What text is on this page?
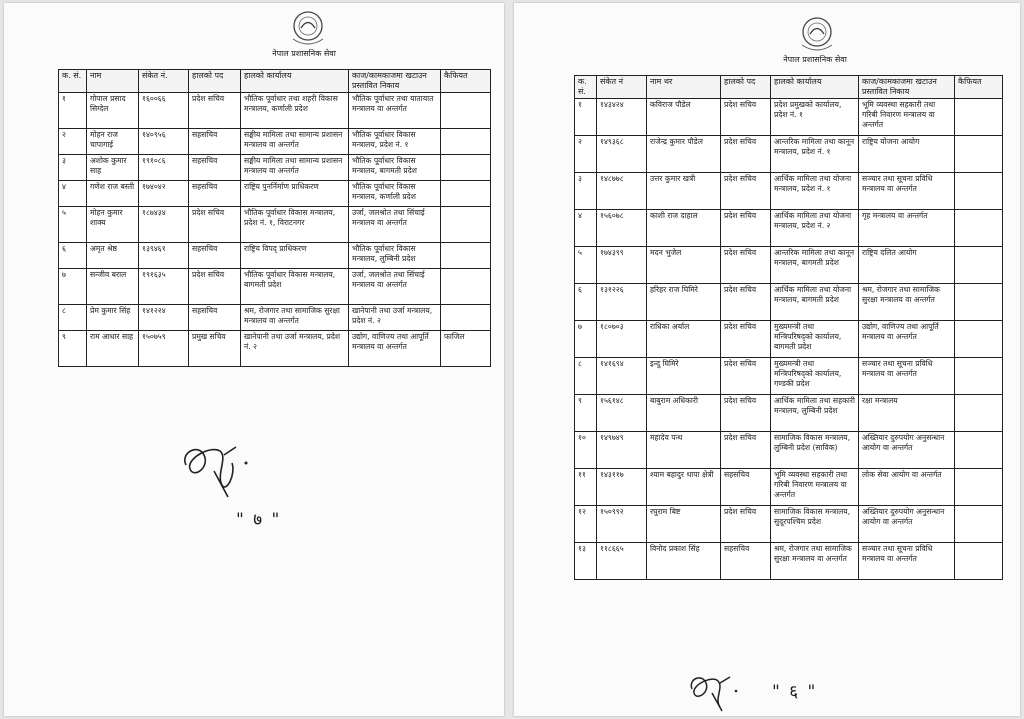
नेपाल प्रशासनिक सेवा
क. सं.	नाम	संकेत नं.	हालको पद	हालको कार्यालय	काज/कामकाजमा खटाउन प्रस्तावित निकाय	कैफियत
१	गोपाल प्रसाद सिग्देल	१६००६६	प्रदेश सचिव	भौतिक पूर्वाधार तथा शहरी विकास मन्त्रालय, कर्णाली प्रदेश	भौतिक पूर्वाधार तथा यातायात मन्त्रालय वा अन्तर्गत	
२	मोहन राज चापागाई	१४०९५६	सहसचिव	सङ्घीय मामिला तथा सामान्य प्रशासन मन्त्रालय वा अन्तर्गत	भौतिक पूर्वाधार विकास मन्त्रालय, प्रदेश नं. १	
३	अशोक कुमार साह	१९१०८६	सहसचिव	सङ्घीय मामिला तथा सामान्य प्रशासन मन्त्रालय वा अन्तर्गत	भौतिक पूर्वाधार विकास मन्त्रालय, बागमती प्रदेश	
४	गणेश राज बस्ती	१७४०४२	सहसचिव	राष्ट्रिय पुनर्निर्माण प्राधिकरण	भौतिक पूर्वाधार विकास मन्त्रालय, कर्णाली प्रदेश	
५	मोहन कुमार शाक्य	१८७४३४	प्रदेश सचिव	भौतिक पूर्वाधार विकास मन्त्रालय, प्रदेश नं. १, विराटनगर	उर्जा, जलश्रोत तथा सिंचाई मन्त्रालय वा अन्तर्गत	
६	अमृत श्रेष्ठ	१३९४६१	सहसचिव	राष्ट्रिय विपद् प्राधिकरण	भौतिक पूर्वाधार विकास मन्त्रालय, लुम्बिनी प्रदेश	
७	सन्जीव बराल	१९१६३५	प्रदेश सचिव	भौतिक पूर्वाधार विकास मन्त्रालय, बागमती प्रदेश	उर्जा, जलश्रोत तथा सिंचाई मन्त्रालय वा अन्तर्गत	
८	प्रेम कुमार सिंह	१४१२२४	सहसचिव	श्रम, रोजगार तथा सामाजिक सुरक्षा मन्त्रालय वा अन्तर्गत	खानेपानी तथा उर्जा मन्त्रालय, प्रदेश नं. २	
९	राम आधार साह	१५०७५९	प्रमुख सचिव	खानेपानी तथा उर्जा मन्त्रालय, प्रदेश नं. २	उद्योग, वाणिज्य तथा आपूर्ति मन्त्रालय वा अन्तर्गत	फाजिल
" ७ "
नेपाल प्रशासनिक सेवा
क. सं.	संकेत नं	नाम थर	हालको पद	हालको कार्यालय	काज/कामकाजमा खटाउन प्रस्तावित निकाय	कैफियत
१	१४३४२४	कविराज पौडेल	प्रदेश सचिव	प्रदेश प्रमुखको कार्यालय, प्रदेश नं. १	भूमि व्यवस्था सहकारी तथा गरिबी निवारण मन्त्रालय वा अन्तर्गत	
२	१४९३६८	राजेन्द्र कुमार पौडेल	प्रदेश सचिव	आन्तरिक मामिला तथा कानून मन्त्रालय, प्रदेश नं. १	राष्ट्रिय योजना आयोग	
३	१४८७७८	उत्तर कुमार खत्री	प्रदेश सचिव	आर्थिक मामिला तथा योजना मन्त्रालय, प्रदेश नं. १	सञ्चार तथा सूचना प्रविधि मन्त्रालय वा अन्तर्गत	
४	१५६०७८	काशी राज दाहाल	प्रदेश सचिव	आर्थिक मामिला तथा योजना मन्त्रालय, प्रदेश नं. २	गृह मन्त्रालय वा अन्तर्गत	
५	१७४३९९	मदन भुजेल	प्रदेश सचिव	आन्तरिक मामिला तथा कानून मन्त्रालय, बागमती प्रदेश	राष्ट्रिय दलित आयोग	
६	१३१२२६	हरिहर राज घिमिरे	प्रदेश सचिव	आर्थिक मामिला तथा योजना मन्त्रालय, बागमती प्रदेश	श्रम, रोजगार तथा सामाजिक सुरक्षा मन्त्रालय वा अन्तर्गत	
७	१८०७०३	राधिका अर्याल	प्रदेश सचिव	मुख्यमन्त्री तथा मन्त्रिपरिषद्को कार्यालय, बागमती प्रदेश	उद्योग, वाणिज्य तथा आपूर्ति मन्त्रालय वा अन्तर्गत	
८	१४१६९४	इन्दु घिमिरे	प्रदेश सचिव	मुख्यमन्त्री तथा मन्त्रिपरिषद्को कार्यालय, गण्डकी प्रदेश	सञ्चार तथा सूचना प्रविधि मन्त्रालय वा अन्तर्गत	
९	१५६१४८	बाबुराम अधिकारी	प्रदेश सचिव	आर्थिक मामिला तथा सहकारी मन्त्रालय, लुम्बिनी प्रदेश	रक्षा मन्त्रालय	
१०	१४९७४९	महादेव पन्थ	प्रदेश सचिव	सामाजिक विकास मन्त्रालय, लुम्बिनी प्रदेश (साविक)	अख्तियार दुरुपयोग अनुसन्धान आयोग वा अन्तर्गत	
११	१४३११७	श्याम बहादुर थापा क्षेत्री	सहसचिव	भूमि व्यवस्था सहकारी तथा गरिबी निवारण मन्त्रालय वा अन्तर्गत	लोक सेवा आयोग वा अन्तर्गत	
१२	१५०९९२	रघुराम बिष्ट	प्रदेश सचिव	सामाजिक विकास मन्त्रालय, सुदूरपश्चिम प्रदेश	अख्तियार दुरुपयोग अनुसन्धान आयोग वा अन्तर्गत	
१३	११८६६५	विनोद प्रकाश सिंह	सहसचिव	श्रम, रोजगार तथा सामाजिक सुरक्षा मन्त्रालय वा अन्तर्गत	सञ्चार तथा सूचना प्रविधि मन्त्रालय वा अन्तर्गत	
" ६ "
